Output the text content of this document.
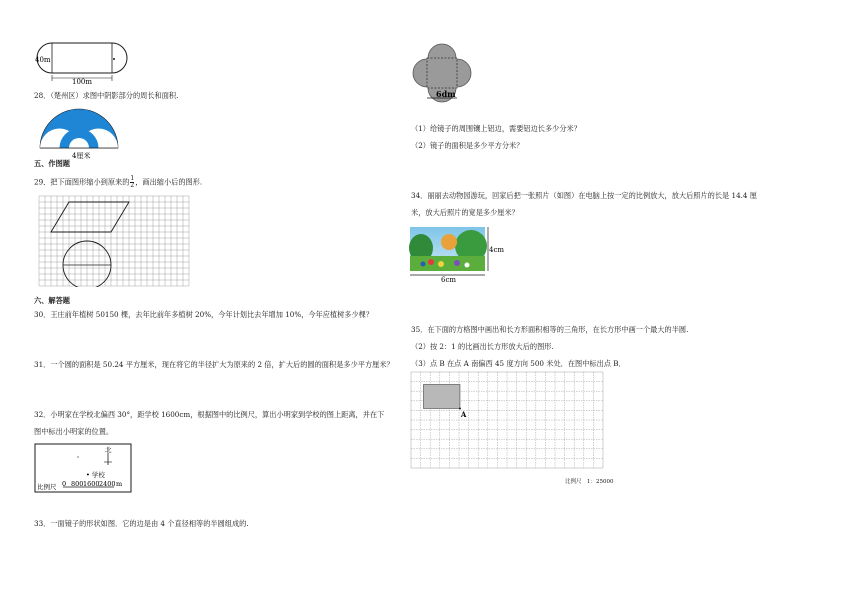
40m
100m
28．（楚州区）求图中阴影部分的周长和面积.
4厘米
五、作图题
29．把下面图形缩小到原来的 $\frac{1}{2}$ ，画出缩小后的图形.
六、解答题
30．王庄前年植树 50150 棵，去年比前年多植树 20%，今年计划比去年增加 10%，今年应植树多少棵？
31．一个圆的面积是 50.24 平方厘米，现在将它的半径扩大为原来的 2 倍，扩大后的圆的面积是多少平方厘米？
32．小明家在学校北偏西 30°，距学校 1600cm，根据图中的比例尺，算出小明家到学校的图上距离，并在下
图中标出小明家的位置。
北
• 学校
比例尺 0 800 1600 2400 m
33．一面镜子的形状如图．它的边是由 4 个直径相等的半圆组成的.
6dm
（1）给镜子的周围镶上铝边，需要铝边长多少分米？
（2）镜子的面积是多少平方分米？
34．丽丽去动物园游玩，回家后把一张照片（如图）在电脑上按一定的比例放大，放大后照片的长是 14.4 厘
米，放大后照片的宽是多少厘米？
4cm
6cm
35．在下面的方格图中画出和长方形面积相等的三角形，在长方形中画一个最大的半圆.
（2）按 2：1 的比画出长方形放大后的图形.
（3）点 B 在点 A 南偏西 45 度方向 500 米处．在图中标出点 B．
A
比例尺　1：25000
